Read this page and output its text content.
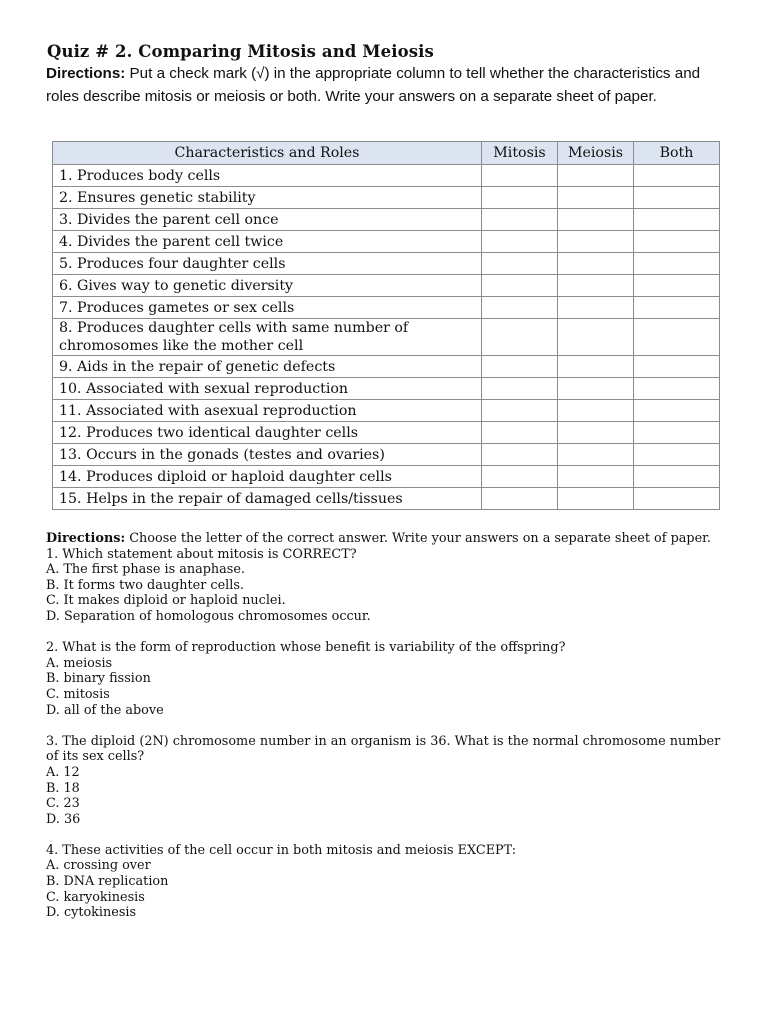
Quiz # 2. Comparing Mitosis and Meiosis
Directions: Put a check mark (√) in the appropriate column to tell whether the characteristics and roles describe mitosis or meiosis or both. Write your answers on a separate sheet of paper.
Characteristics and Roles	Mitosis	Meiosis	Both
1. Produces body cells			
2. Ensures genetic stability			
3. Divides the parent cell once			
4. Divides the parent cell twice			
5. Produces four daughter cells			
6. Gives way to genetic diversity			
7. Produces gametes or sex cells			
8. Produces daughter cells with same number of chromosomes like the mother cell			
9. Aids in the repair of genetic defects			
10. Associated with sexual reproduction			
11. Associated with asexual reproduction			
12. Produces two identical daughter cells			
13. Occurs in the gonads (testes and ovaries)			
14. Produces diploid or haploid daughter cells			
15. Helps in the repair of damaged cells/tissues			
Directions: Choose the letter of the correct answer. Write your answers on a separate sheet of paper.
1. Which statement about mitosis is CORRECT?
A. The first phase is anaphase.
B. It forms two daughter cells.
C. It makes diploid or haploid nuclei.
D. Separation of homologous chromosomes occur.
2. What is the form of reproduction whose benefit is variability of the offspring?
A. meiosis
B. binary fission
C. mitosis
D. all of the above
3. The diploid (2N) chromosome number in an organism is 36. What is the normal chromosome number of its sex cells?
A. 12
B. 18
C. 23
D. 36
4. These activities of the cell occur in both mitosis and meiosis EXCEPT:
A. crossing over
B. DNA replication
C. karyokinesis
D. cytokinesis
